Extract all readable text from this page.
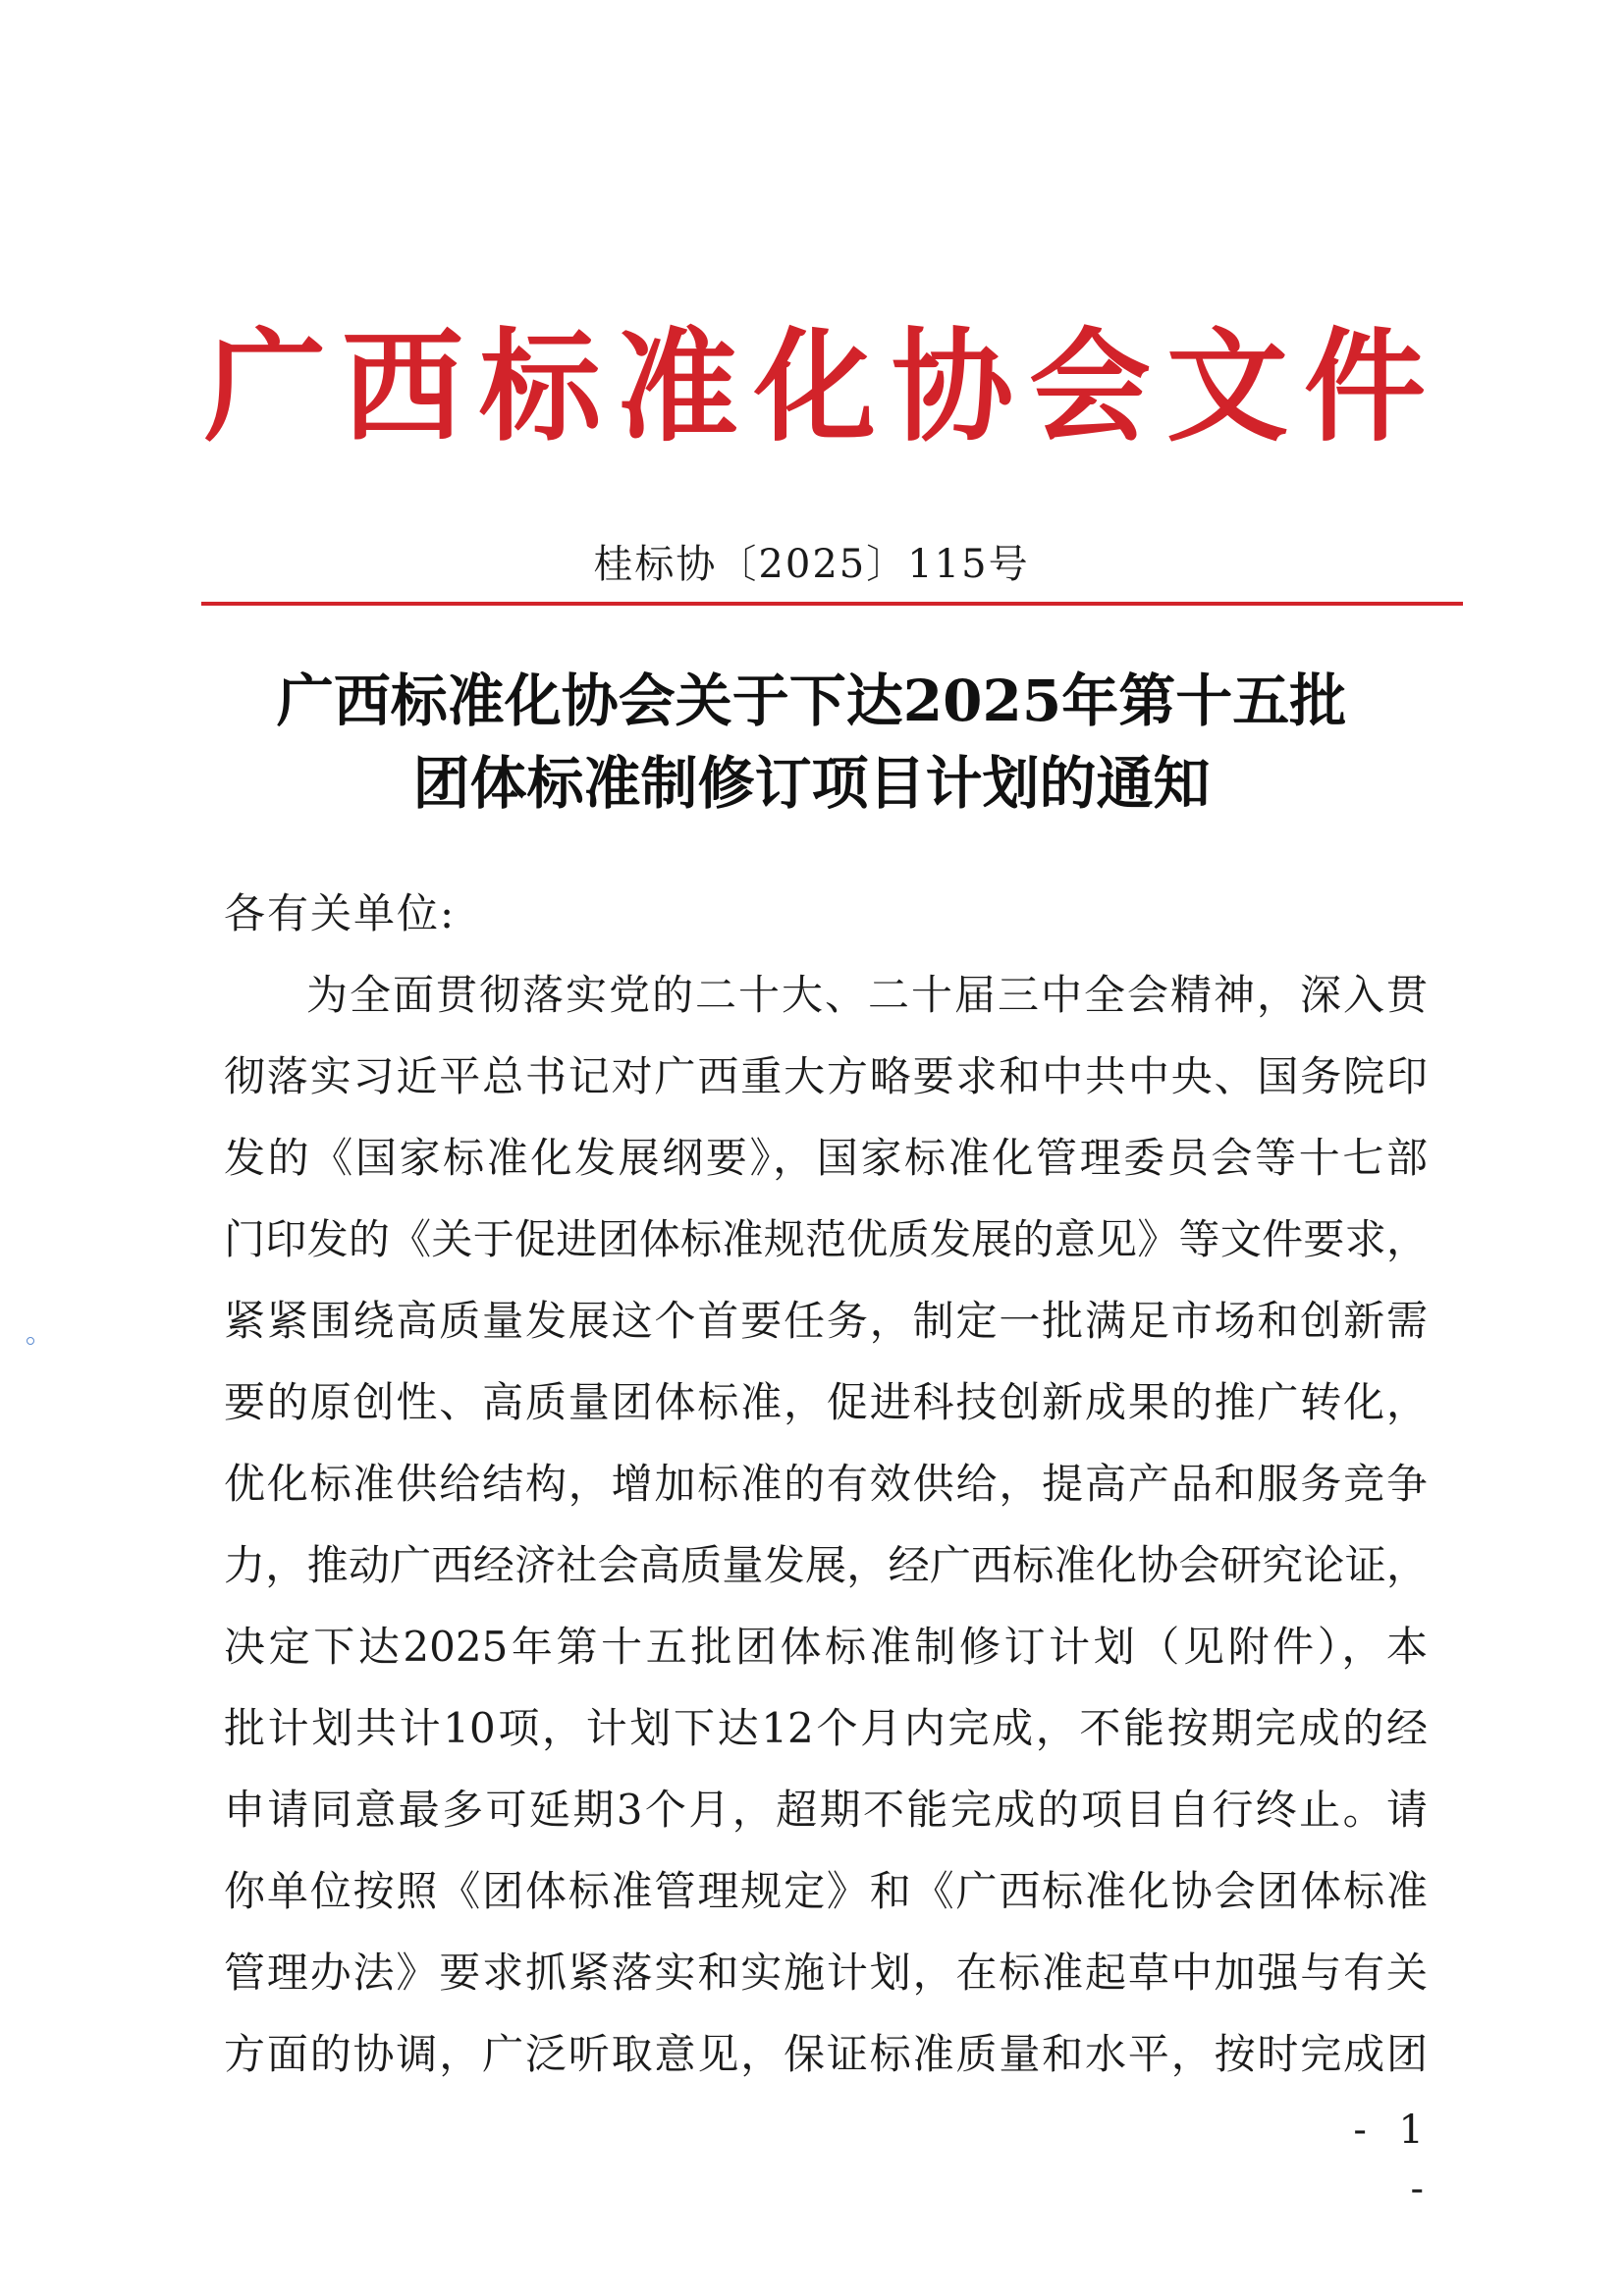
广 西 标 准 化 协 会 文 件
桂标协〔2025〕115号
广西标准化协会关于下达2025年第十五批
团体标准制修订项目计划的通知
各有关单位:
为全面贯彻落实党的二十大、二十届三中全会精神，深入贯
彻落实习近平总书记对广西重大方略要求和中共中央、国务院印
发的《国家标准化发展纲要》，国家标准化管理委员会等十七部
门印发的《关于促进团体标准规范优质发展的意见》等文件要求，
紧紧围绕高质量发展这个首要任务，制定一批满足市场和创新需
要的原创性、高质量团体标准，促进科技创新成果的推广转化，
优化标准供给结构，增加标准的有效供给，提高产品和服务竞争
力，推动广西经济社会高质量发展，经广西标准化协会研究论证，
决定下达2025年第十五批团体标准制修订计划（见附件），本
批计划共计10项，计划下达12个月内完成，不能按期完成的经
申请同意最多可延期3个月，超期不能完成的项目自行终止。请
你单位按照《团体标准管理规定》和《广西标准化协会团体标准
管理办法》要求抓紧落实和实施计划，在标准起草中加强与有关
方面的协调，广泛听取意见，保证标准质量和水平，按时完成团
- 1 -
